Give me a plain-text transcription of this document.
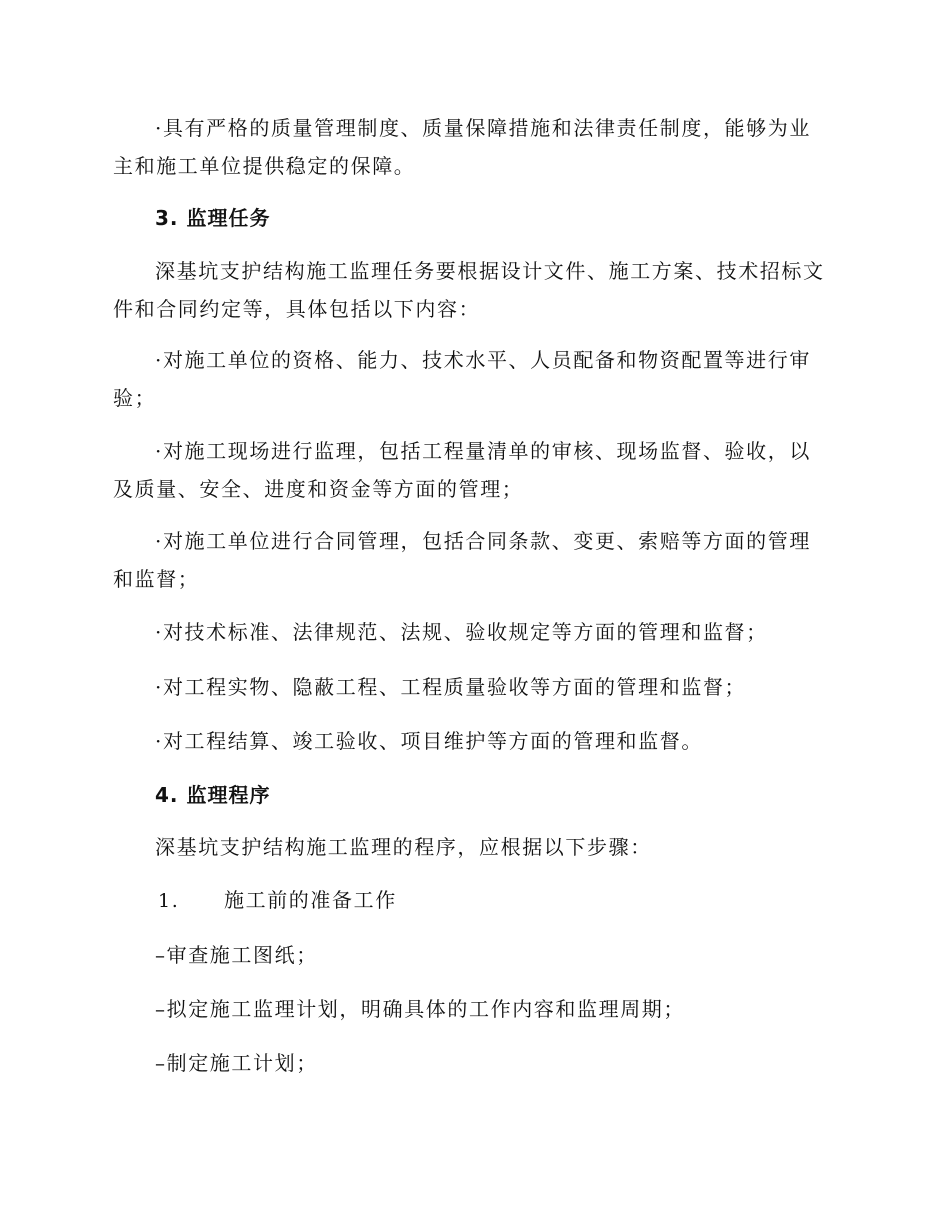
·具有严格的质量管理制度、质量保障措施和法律责任制度，能够为业
主和施工单位提供稳定的保障。
3. 监理任务
深基坑支护结构施工监理任务要根据设计文件、施工方案、技术招标文
件和合同约定等，具体包括以下内容：
·对施工单位的资格、能力、技术水平、人员配备和物资配置等进行审
验；
·对施工现场进行监理，包括工程量清单的审核、现场监督、验收，以
及质量、安全、进度和资金等方面的管理；
·对施工单位进行合同管理，包括合同条款、变更、索赔等方面的管理
和监督；
·对技术标准、法律规范、法规、验收规定等方面的管理和监督；
·对工程实物、隐蔽工程、工程质量验收等方面的管理和监督；
·对工程结算、竣工验收、项目维护等方面的管理和监督。
4. 监理程序
深基坑支护结构施工监理的程序，应根据以下步骤：
1. 施工前的准备工作
–审查施工图纸；
–拟定施工监理计划，明确具体的工作内容和监理周期；
–制定施工计划；
